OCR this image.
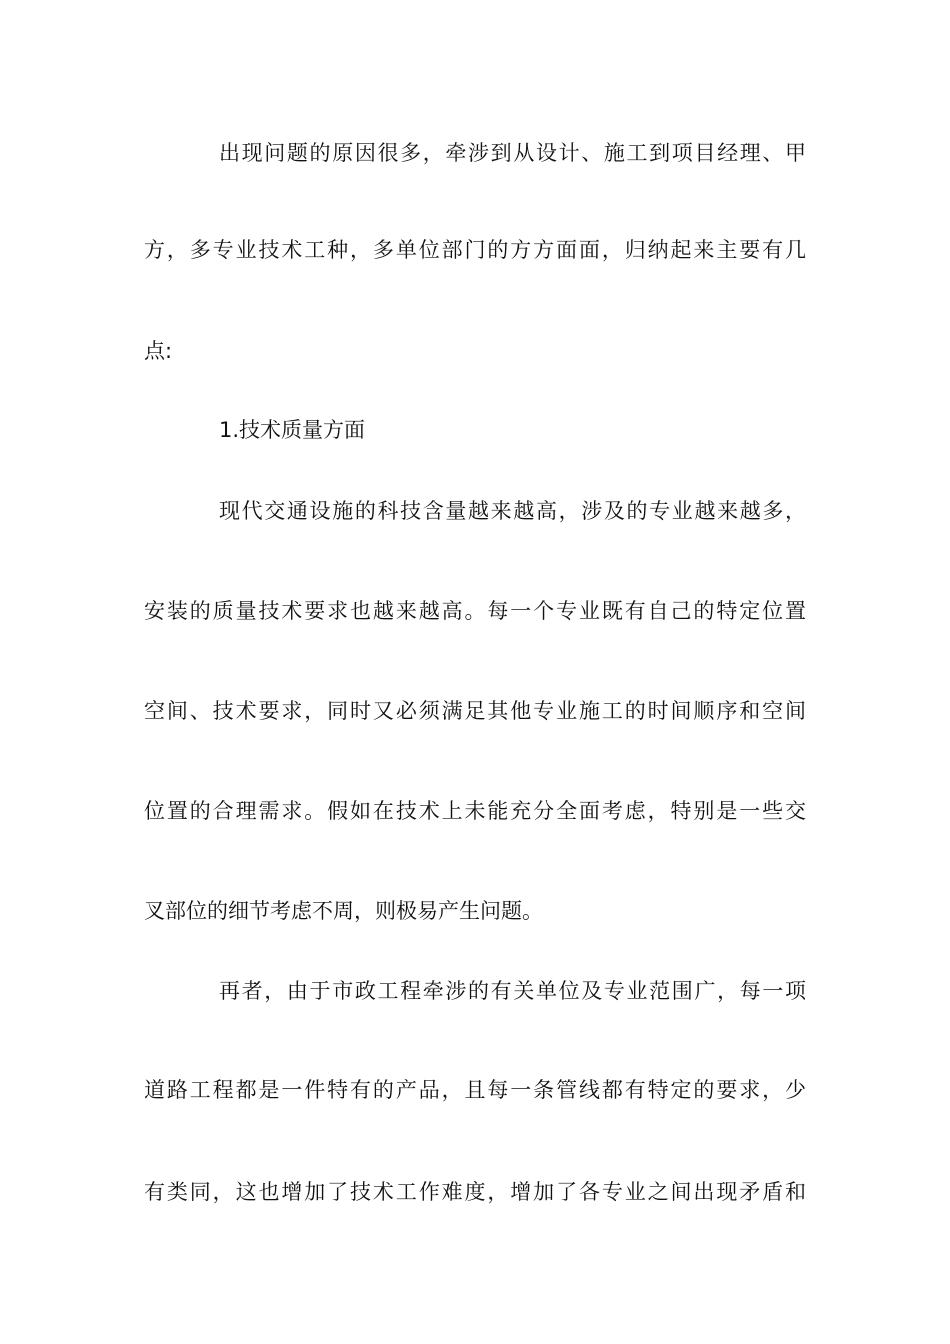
出现问题的原因很多，牵涉到从设计、施工到项目经理、甲
方，多专业技术工种，多单位部门的方方面面，归纳起来主要有几
点:
1.技术质量方面
现代交通设施的科技含量越来越高，涉及的专业越来越多，
安装的质量技术要求也越来越高。每一个专业既有自己的特定位置
空间、技术要求，同时又必须满足其他专业施工的时间顺序和空间
位置的合理需求。假如在技术上未能充分全面考虑，特别是一些交
叉部位的细节考虑不周，则极易产生问题。
再者，由于市政工程牵涉的有关单位及专业范围广，每一项
道路工程都是一件特有的产品，且每一条管线都有特定的要求，少
有类同，这也增加了技术工作难度，增加了各专业之间出现矛盾和
